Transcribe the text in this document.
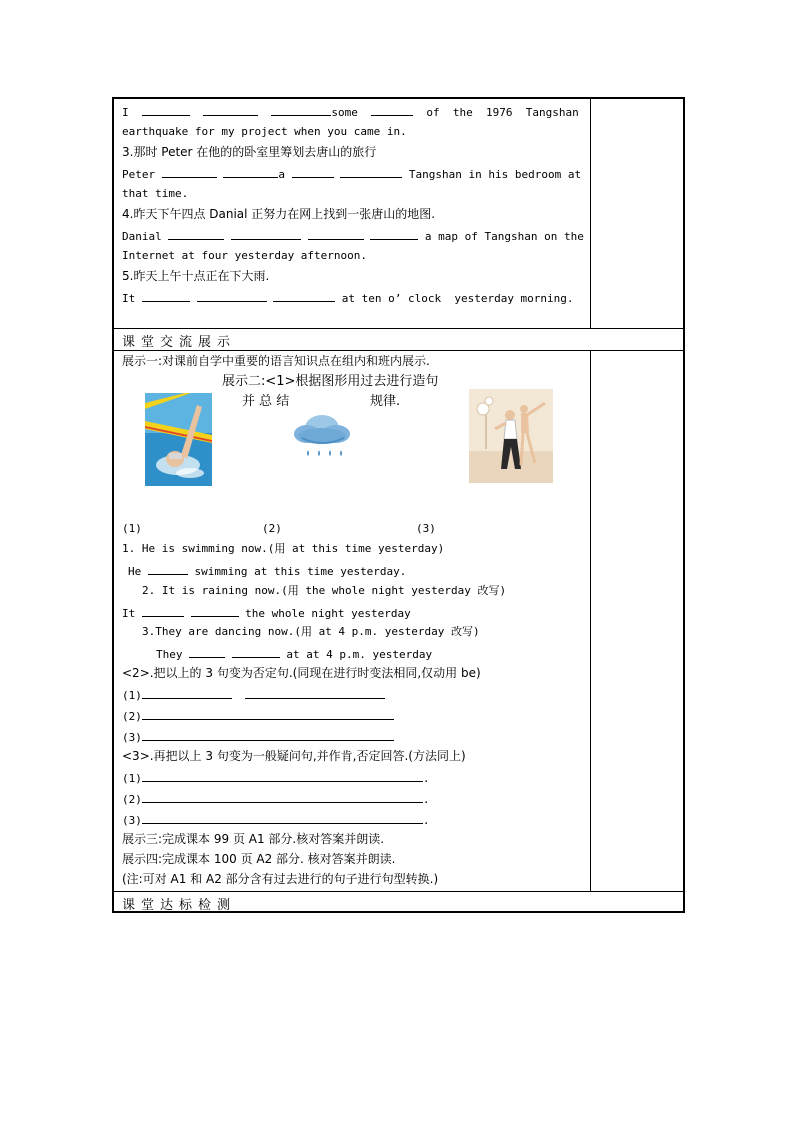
I	some	of  the  1976  Tangshan
earthquake for my project when you came in.
3.那时 Peter 在他的的卧室里筹划去唐山的旅行
Peter	a	Tangshan in his bedroom at
that time.
4.昨天下午四点 Danial 正努力在网上找到一张唐山的地图.
Danial	a map of Tangshan on the
Internet at four yesterday afternoon.
5.昨天上午十点正在下大雨.
It	at ten o’ clock  yesterday morning.
课堂交流展示
展示一:对课前自学中重要的语言知识点在组内和班内展示.
展示二:<1>根据图形用过去进行造句
并 总 结	规律.
(1)	(2)	(3)
1. He is swimming now.(用 at this time yesterday)
He	swimming at this time yesterday.
2. It is raining now.(用 the whole night yesterday 改写)
It	the whole night yesterday
3.They are dancing now.(用 at 4 p.m. yesterday 改写)
They	at at 4 p.m. yesterday
<2>.把以上的 3 句变为否定句.(同现在进行时变法相同,仅动用 be)
(1)
(2)
(3)
<3>.再把以上 3 句变为一般疑问句,并作肯,否定回答.(方法同上)
(1)	.
(2)	.
(3)	.
展示三:完成课本 99 页 A1 部分.核对答案并朗读.
展示四:完成课本 100 页 A2 部分. 核对答案并朗读.
(注:可对 A1 和 A2 部分含有过去进行的句子进行句型转换.)
课堂达标检测
